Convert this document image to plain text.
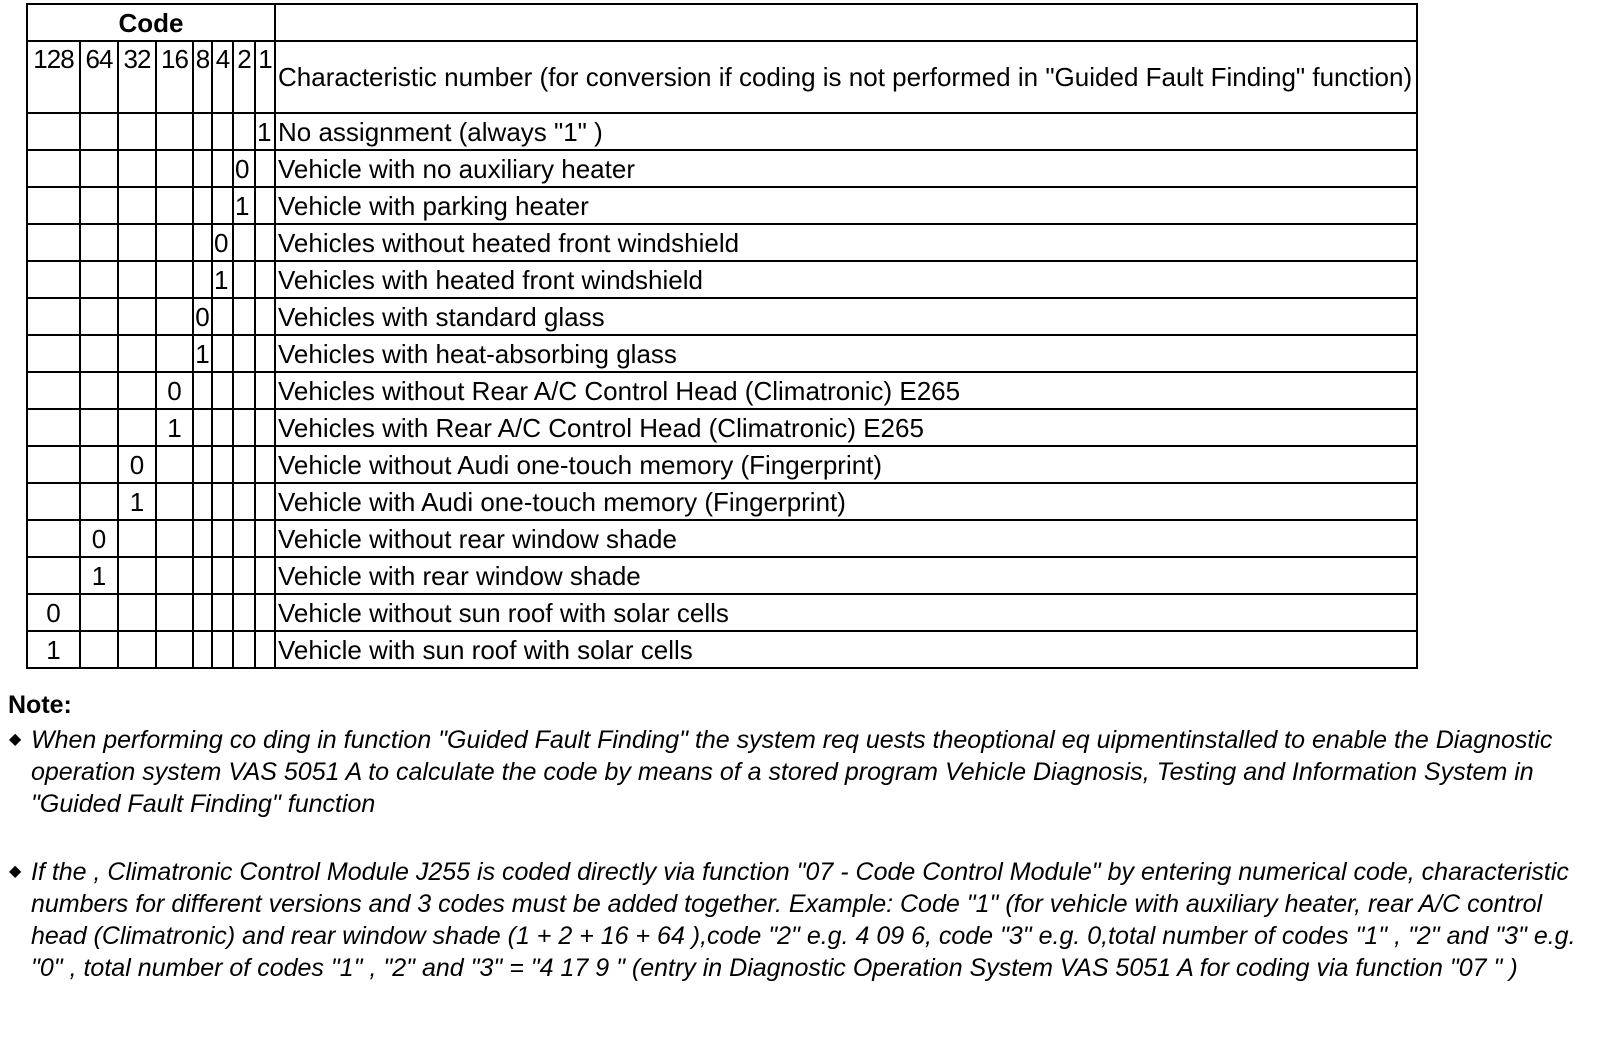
Code								
128	64	32	16	8	4	2	1	Characteristic number (for conversion if coding is not performed in "Guided Fault Finding" function)
							1	No assignment (always "1" )
						0		Vehicle with no auxiliary heater
						1		Vehicle with parking heater
					0			Vehicles without heated front windshield
					1			Vehicles with heated front windshield
				0				Vehicles with standard glass
				1				Vehicles with heat-absorbing glass
			0					Vehicles without Rear A/C Control Head (Climatronic) E265
			1					Vehicles with Rear A/C Control Head (Climatronic) E265
		0						Vehicle without Audi one-touch memory (Fingerprint)
		1						Vehicle with Audi one-touch memory (Fingerprint)
	0							Vehicle without rear window shade
	1							Vehicle with rear window shade
0								Vehicle without sun roof with solar cells
1								Vehicle with sun roof with solar cells
Note:
◆ When performing co ding in function "Guided Fault Finding" the system req uests theoptional eq uipmentinstalled to enable the Diagnostic operation system VAS 5051 A to calculate the code by means of a stored program Vehicle Diagnosis, Testing and Information System in "Guided Fault Finding" function
◆ If the , Climatronic Control Module J255 is coded directly via function "07 - Code Control Module" by entering numerical code, characteristic numbers for different versions and 3 codes must be added together. Example: Code "1" (for vehicle with auxiliary heater, rear A/C control head (Climatronic) and rear window shade (1 + 2 + 16 + 64 ),code "2" e.g. 4 09 6, code "3" e.g. 0,total number of codes "1" , "2" and "3" e.g. "0" , total number of codes "1" , "2" and "3" = "4 17 9 " (entry in Diagnostic Operation System VAS 5051 A for coding via function "07 " )
